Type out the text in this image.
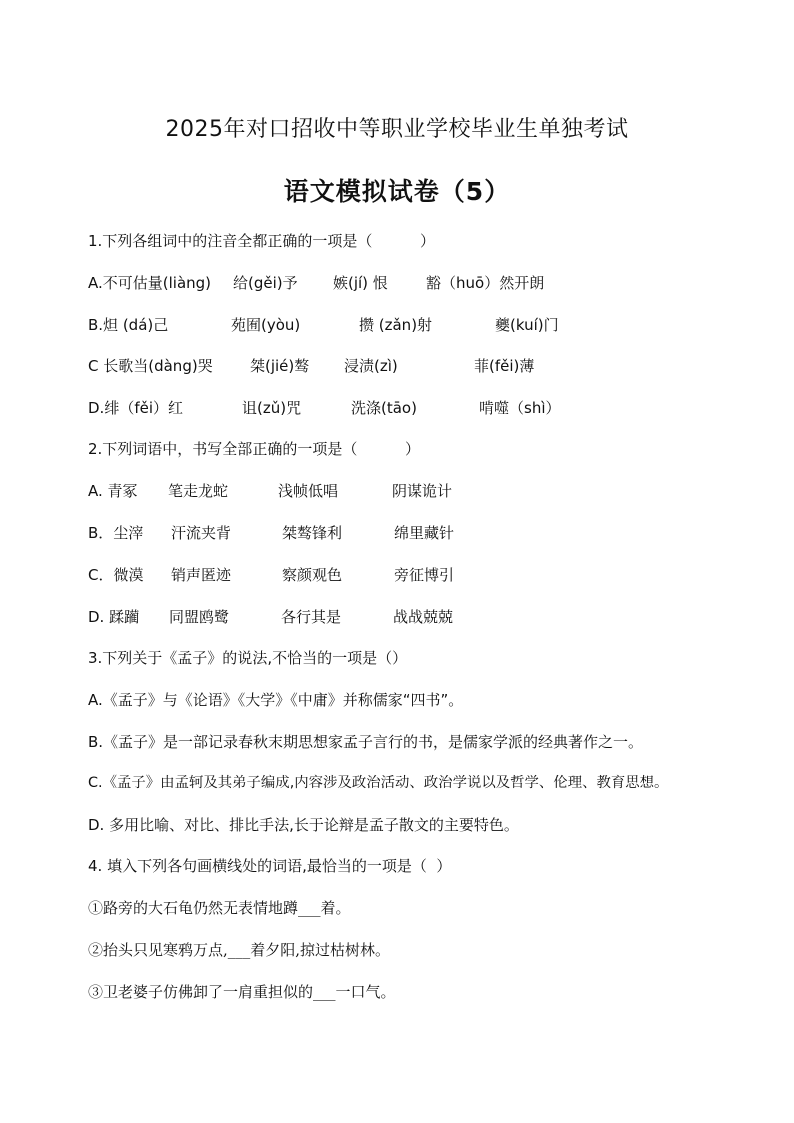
2025年对口招收中等职业学校毕业生单独考试
语文模拟试卷（5）
1.下列各组词中的注音全都正确的一项是（          ）
A.不可估量(liàng)	给(gěi)予	嫉(jí) 恨	豁（huō）然开朗
B.炟 (dá)己	苑囿(yòu)	攒 (zǎn)射	夔(kuí)门
C 长歌当(dàng)哭	桀(jié)骜	浸渍(zì)	菲(fěi)薄
D.绯（fěi）红	诅(zǔ)咒	洗涤(tāo)	啃噬（shì）
2.下列词语中，书写全部正确的一项是（          ）
A. 青冢	笔走龙蛇	浅帧低唱	阴谋诡计
B．尘滓	汗流夹背	桀骜锋利	绵里藏针
C．微漠	销声匿迹	察颜观色	旁征博引
D. 蹂躏	同盟鸥鹭	各行其是	战战兢兢
3.下列关于《孟子》的说法,不恰当的一项是（）
A.《孟子》与《论语》《大学》《中庸》并称儒家“四书”。
B.《孟子》是一部记录春秋末期思想家孟子言行的书，是儒家学派的经典著作之一。
C.《孟子》由孟轲及其弟子编成,内容涉及政治活动、政治学说以及哲学、伦理、教育思想。
D. 多用比喻、对比、排比手法,长于论辩是孟子散文的主要特色。
4. 填入下列各句画横线处的词语,最恰当的一项是（  ）
①路旁的大石龟仍然无表情地蹲___着。
②抬头只见寒鸦万点,___着夕阳,掠过枯树林。
③卫老婆子仿佛卸了一肩重担似的___一口气。
